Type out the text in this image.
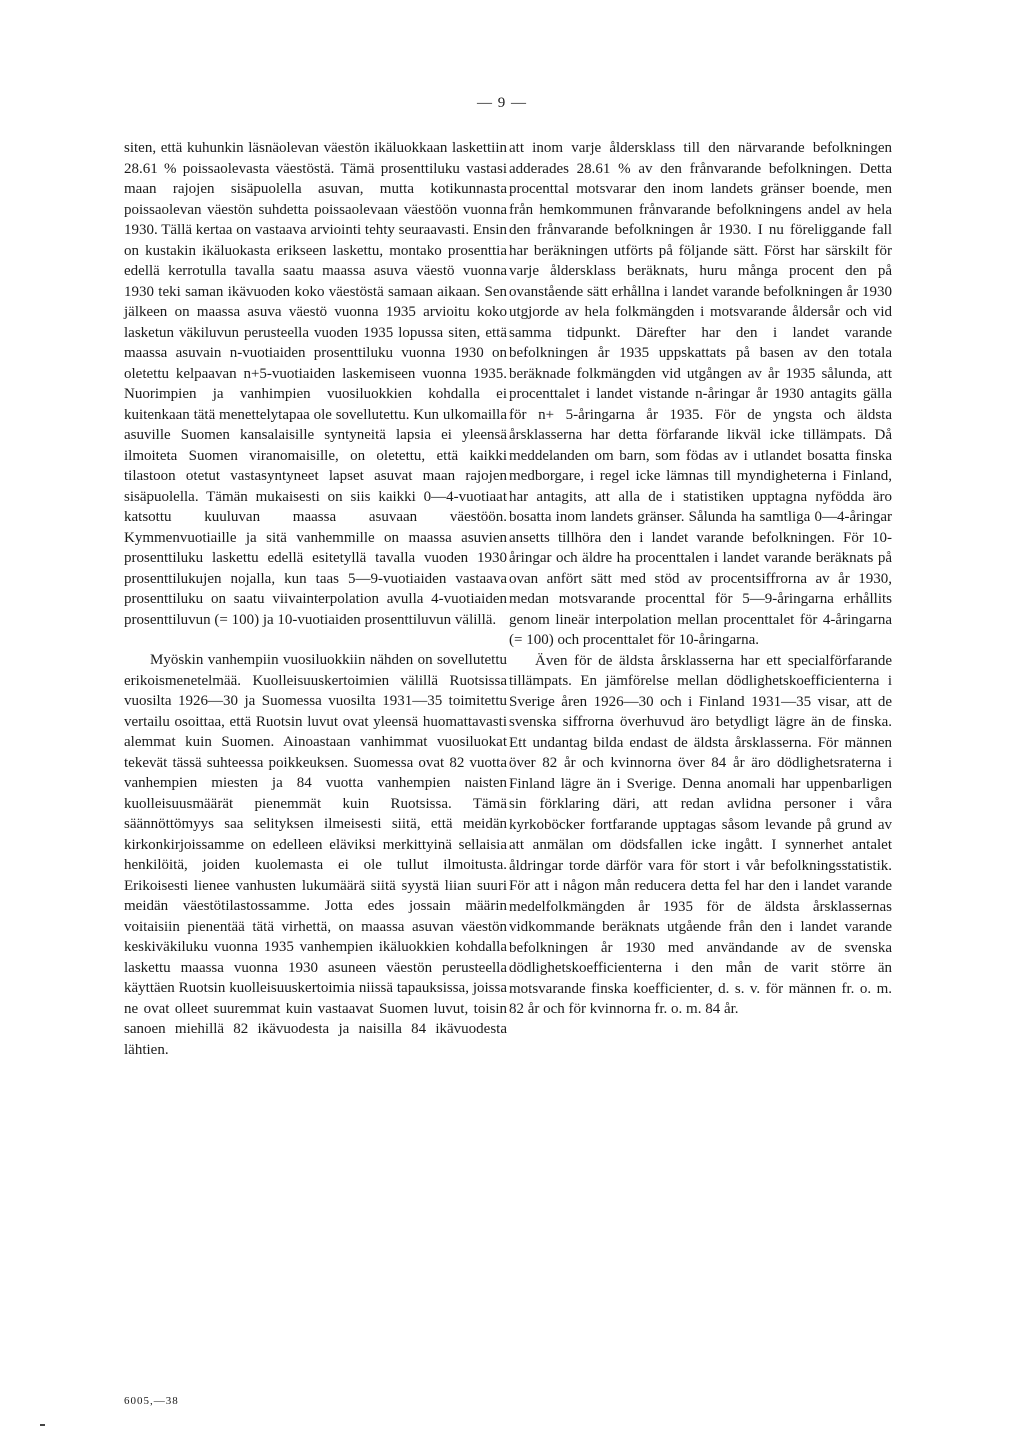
— 9 —

siten, että kuhunkin läsnäolevan väestön ikäluokkaan laskettiin 28.61 % poissaolevasta väestöstä. Tämä prosenttiluku vastasi maan rajojen sisäpuolella asuvan, mutta kotikunnasta poissaolevan väestön suhdetta poissaolevaan väestöön vuonna 1930. Tällä kertaa on vastaava arviointi tehty seuraavasti. Ensin on kustakin ikäluokasta erikseen laskettu, montako prosenttia edellä kerrotulla tavalla saatu maassa asuva väestö vuonna 1930 teki saman ikävuoden koko väestöstä samaan aikaan. Sen jälkeen on maassa asuva väestö vuonna 1935 arvioitu koko lasketun väkiluvun perusteella vuoden 1935 lopussa siten, että maassa asuvain n-vuotiaiden prosenttiluku vuonna 1930 on oletettu kelpaavan n+5-vuotiaiden laskemiseen vuonna 1935. Nuorimpien ja vanhimpien vuosiluokkien kohdalla ei kuitenkaan tätä menettelytapaa ole sovellutettu. Kun ulkomailla asuville Suomen kansalaisille syntyneitä lapsia ei yleensä ilmoiteta Suomen viranomaisille, on oletettu, että kaikki tilastoon otetut vastasyntyneet lapset asuvat maan rajojen sisäpuolella. Tämän mukaisesti on siis kaikki 0—4-vuotiaat katsottu kuuluvan maassa asuvaan väestöön. Kymmenvuotiaille ja sitä vanhemmille on maassa asuvien prosenttiluku laskettu edellä esitetyllä tavalla vuoden 1930 prosenttilukujen nojalla, kun taas 5—9-vuotiaiden vastaava prosenttiluku on saatu viivainterpolation avulla 4-vuotiaiden prosenttiluvun (= 100) ja 10-vuotiaiden prosenttiluvun välillä.

Myöskin vanhempiin vuosiluokkiin nähden on sovellutettu erikoismenetelmää. Kuolleisuuskertoimien välillä Ruotsissa vuosilta 1926—30 ja Suomessa vuosilta 1931—35 toimitettu vertailu osoittaa, että Ruotsin luvut ovat yleensä huomattavasti alemmat kuin Suomen. Ainoastaan vanhimmat vuosiluokat tekevät tässä suhteessa poikkeuksen. Suomessa ovat 82 vuotta vanhempien miesten ja 84 vuotta vanhempien naisten kuolleisuusmäärät pienemmät kuin Ruotsissa. Tämä säännöttömyys saa selityksen ilmeisesti siitä, että meidän kirkonkirjoissamme on edelleen eläviksi merkittyinä sellaisia henkilöitä, joiden kuolemasta ei ole tullut ilmoitusta. Erikoisesti lienee vanhusten lukumäärä siitä syystä liian suuri meidän väestötilastossamme. Jotta edes jossain määrin voitaisiin pienentää tätä virhettä, on maassa asuvan väestön keskiväkiluku vuonna 1935 vanhempien ikäluokkien kohdalla laskettu maassa vuonna 1930 asuneen väestön perusteella käyttäen Ruotsin kuolleisuuskertoimia niissä tapauksissa, joissa ne ovat olleet suuremmat kuin vastaavat Suomen luvut, toisin sanoen miehillä 82 ikävuodesta ja naisilla 84 ikävuodesta lähtien.

att inom varje åldersklass till den närvarande befolkningen adderades 28.61 % av den frånvarande befolkningen. Detta procenttal motsvarar den inom landets gränser boende, men från hemkommunen frånvarande befolkningens andel av hela den frånvarande befolkningen år 1930. I nu föreliggande fall har beräkningen utförts på följande sätt. Först har särskilt för varje åldersklass beräknats, huru många procent den på ovanstående sätt erhållna i landet varande befolkningen år 1930 utgjorde av hela folkmängden i motsvarande åldersår och vid samma tidpunkt. Därefter har den i landet varande befolkningen år 1935 uppskattats på basen av den totala beräknade folkmängden vid utgången av år 1935 sålunda, att procenttalet i landet vistande n-åringar år 1930 antagits gälla för n+ 5-åringarna år 1935. För de yngsta och äldsta årsklasserna har detta förfarande likväl icke tillämpats. Då meddelanden om barn, som födas av i utlandet bosatta finska medborgare, i regel icke lämnas till myndigheterna i Finland, har antagits, att alla de i statistiken upptagna nyfödda äro bosatta inom landets gränser. Sålunda ha samtliga 0—4-åringar ansetts tillhöra den i landet varande befolkningen. För 10-åringar och äldre ha procenttalen i landet varande beräknats på ovan anfört sätt med stöd av procentsiffrorna av år 1930, medan motsvarande procenttal för 5—9-åringarna erhållits genom lineär interpolation mellan procenttalet för 4-åringarna (= 100) och procenttalet för 10-åringarna.

Även för de äldsta årsklasserna har ett specialförfarande tillämpats. En jämförelse mellan dödlighetskoefficienterna i Sverige åren 1926—30 och i Finland 1931—35 visar, att de svenska siffrorna överhuvud äro betydligt lägre än de finska. Ett undantag bilda endast de äldsta årsklasserna. För männen över 82 år och kvinnorna över 84 år äro dödlighetsraterna i Finland lägre än i Sverige. Denna anomali har uppenbarligen sin förklaring däri, att redan avlidna personer i våra kyrkoböcker fortfarande upptagas såsom levande på grund av att anmälan om dödsfallen icke ingått. I synnerhet antalet åldringar torde därför vara för stort i vår befolkningsstatistik. För att i någon mån reducera detta fel har den i landet varande medelfolkmängden år 1935 för de äldsta årsklassernas vidkommande beräknats utgående från den i landet varande befolkningen år 1930 med användande av de svenska dödlighetskoefficienterna i den mån de varit större än motsvarande finska koefficienter, d. s. v. för männen fr. o. m. 82 år och för kvinnorna fr. o. m. 84 år.

6005,—38
